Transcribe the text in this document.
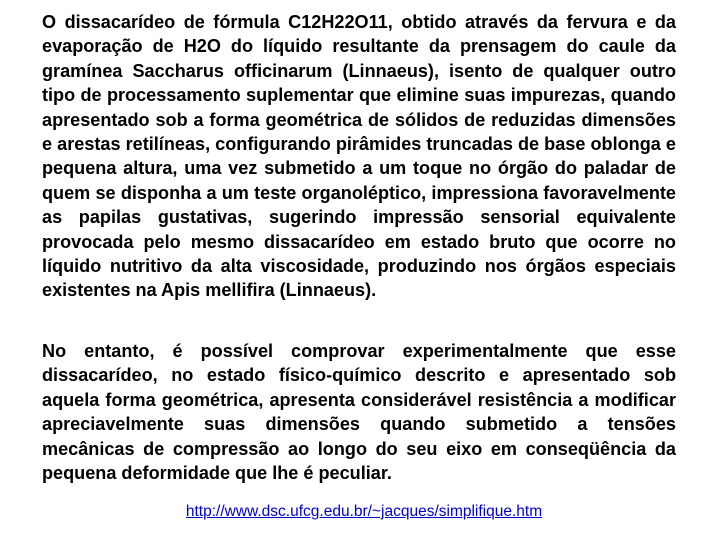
O dissacarídeo de fórmula C12H22O11, obtido através da fervura e da evaporação de H2O do líquido resultante da prensagem do caule da gramínea Saccharus officinarum (Linnaeus), isento de qualquer outro tipo de processamento suplementar que elimine suas impurezas, quando apresentado sob a forma geométrica de sólidos de reduzidas dimensões e arestas retilíneas, configurando pirâmides truncadas de base oblonga e pequena altura, uma vez submetido a um toque no órgão do paladar de quem se disponha a um teste organoléptico, impressiona favoravelmente as papilas gustativas, sugerindo impressão sensorial equivalente provocada pelo mesmo dissacarídeo em estado bruto que ocorre no líquido nutritivo da alta viscosidade, produzindo nos órgãos especiais existentes na Apis mellifira (Linnaeus).
No entanto, é possível comprovar experimentalmente que esse dissacarídeo, no estado físico-químico descrito e apresentado sob aquela forma geométrica, apresenta considerável resistência a modificar apreciavelmente suas dimensões quando submetido a tensões mecânicas de compressão ao longo do seu eixo em conseqüência da pequena deformidade que lhe é peculiar.
http://www.dsc.ufcg.edu.br/~jacques/simplifique.htm
